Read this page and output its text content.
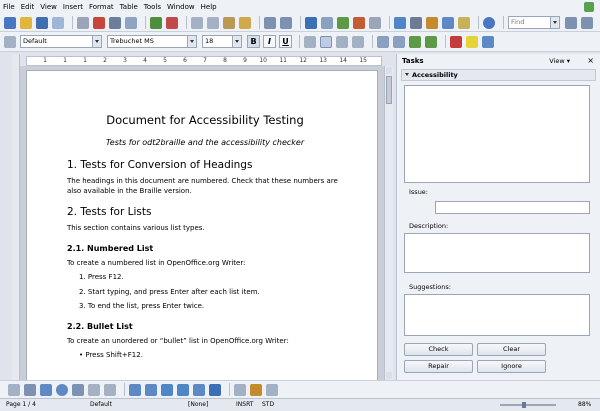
File Edit View Insert Format Table Tools Window Help
Find
Default	Trebuchet MS	18	B	I	U
1	1	1	2	3	4	5	6	7	8	9 10 11 12 13 14 15
Document for Accessibility Testing
Tests for odt2braille and the accessibility checker
1. Tests for Conversion of Headings
The headings in this document are numbered. Check that these numbers are also available in the Braille version.
2. Tests for Lists
This section contains various list types.
2.1. Numbered List
To create a numbered list in OpenOffice.org Writer:
1. Press F12.
2. Start typing, and press Enter after each list item.
3. To end the list, press Enter twice.
2.2. Bullet List
To create an unordered or “bullet” list in OpenOffice.org Writer:
• Press Shift+F12.
Tasks	View ▾ ×
Accessibility
Issue:
Description:
Suggestions:
Check	Clear
Repair	Ignore
Page 1 / 4	Default	[None]	INSRT STD	88%
